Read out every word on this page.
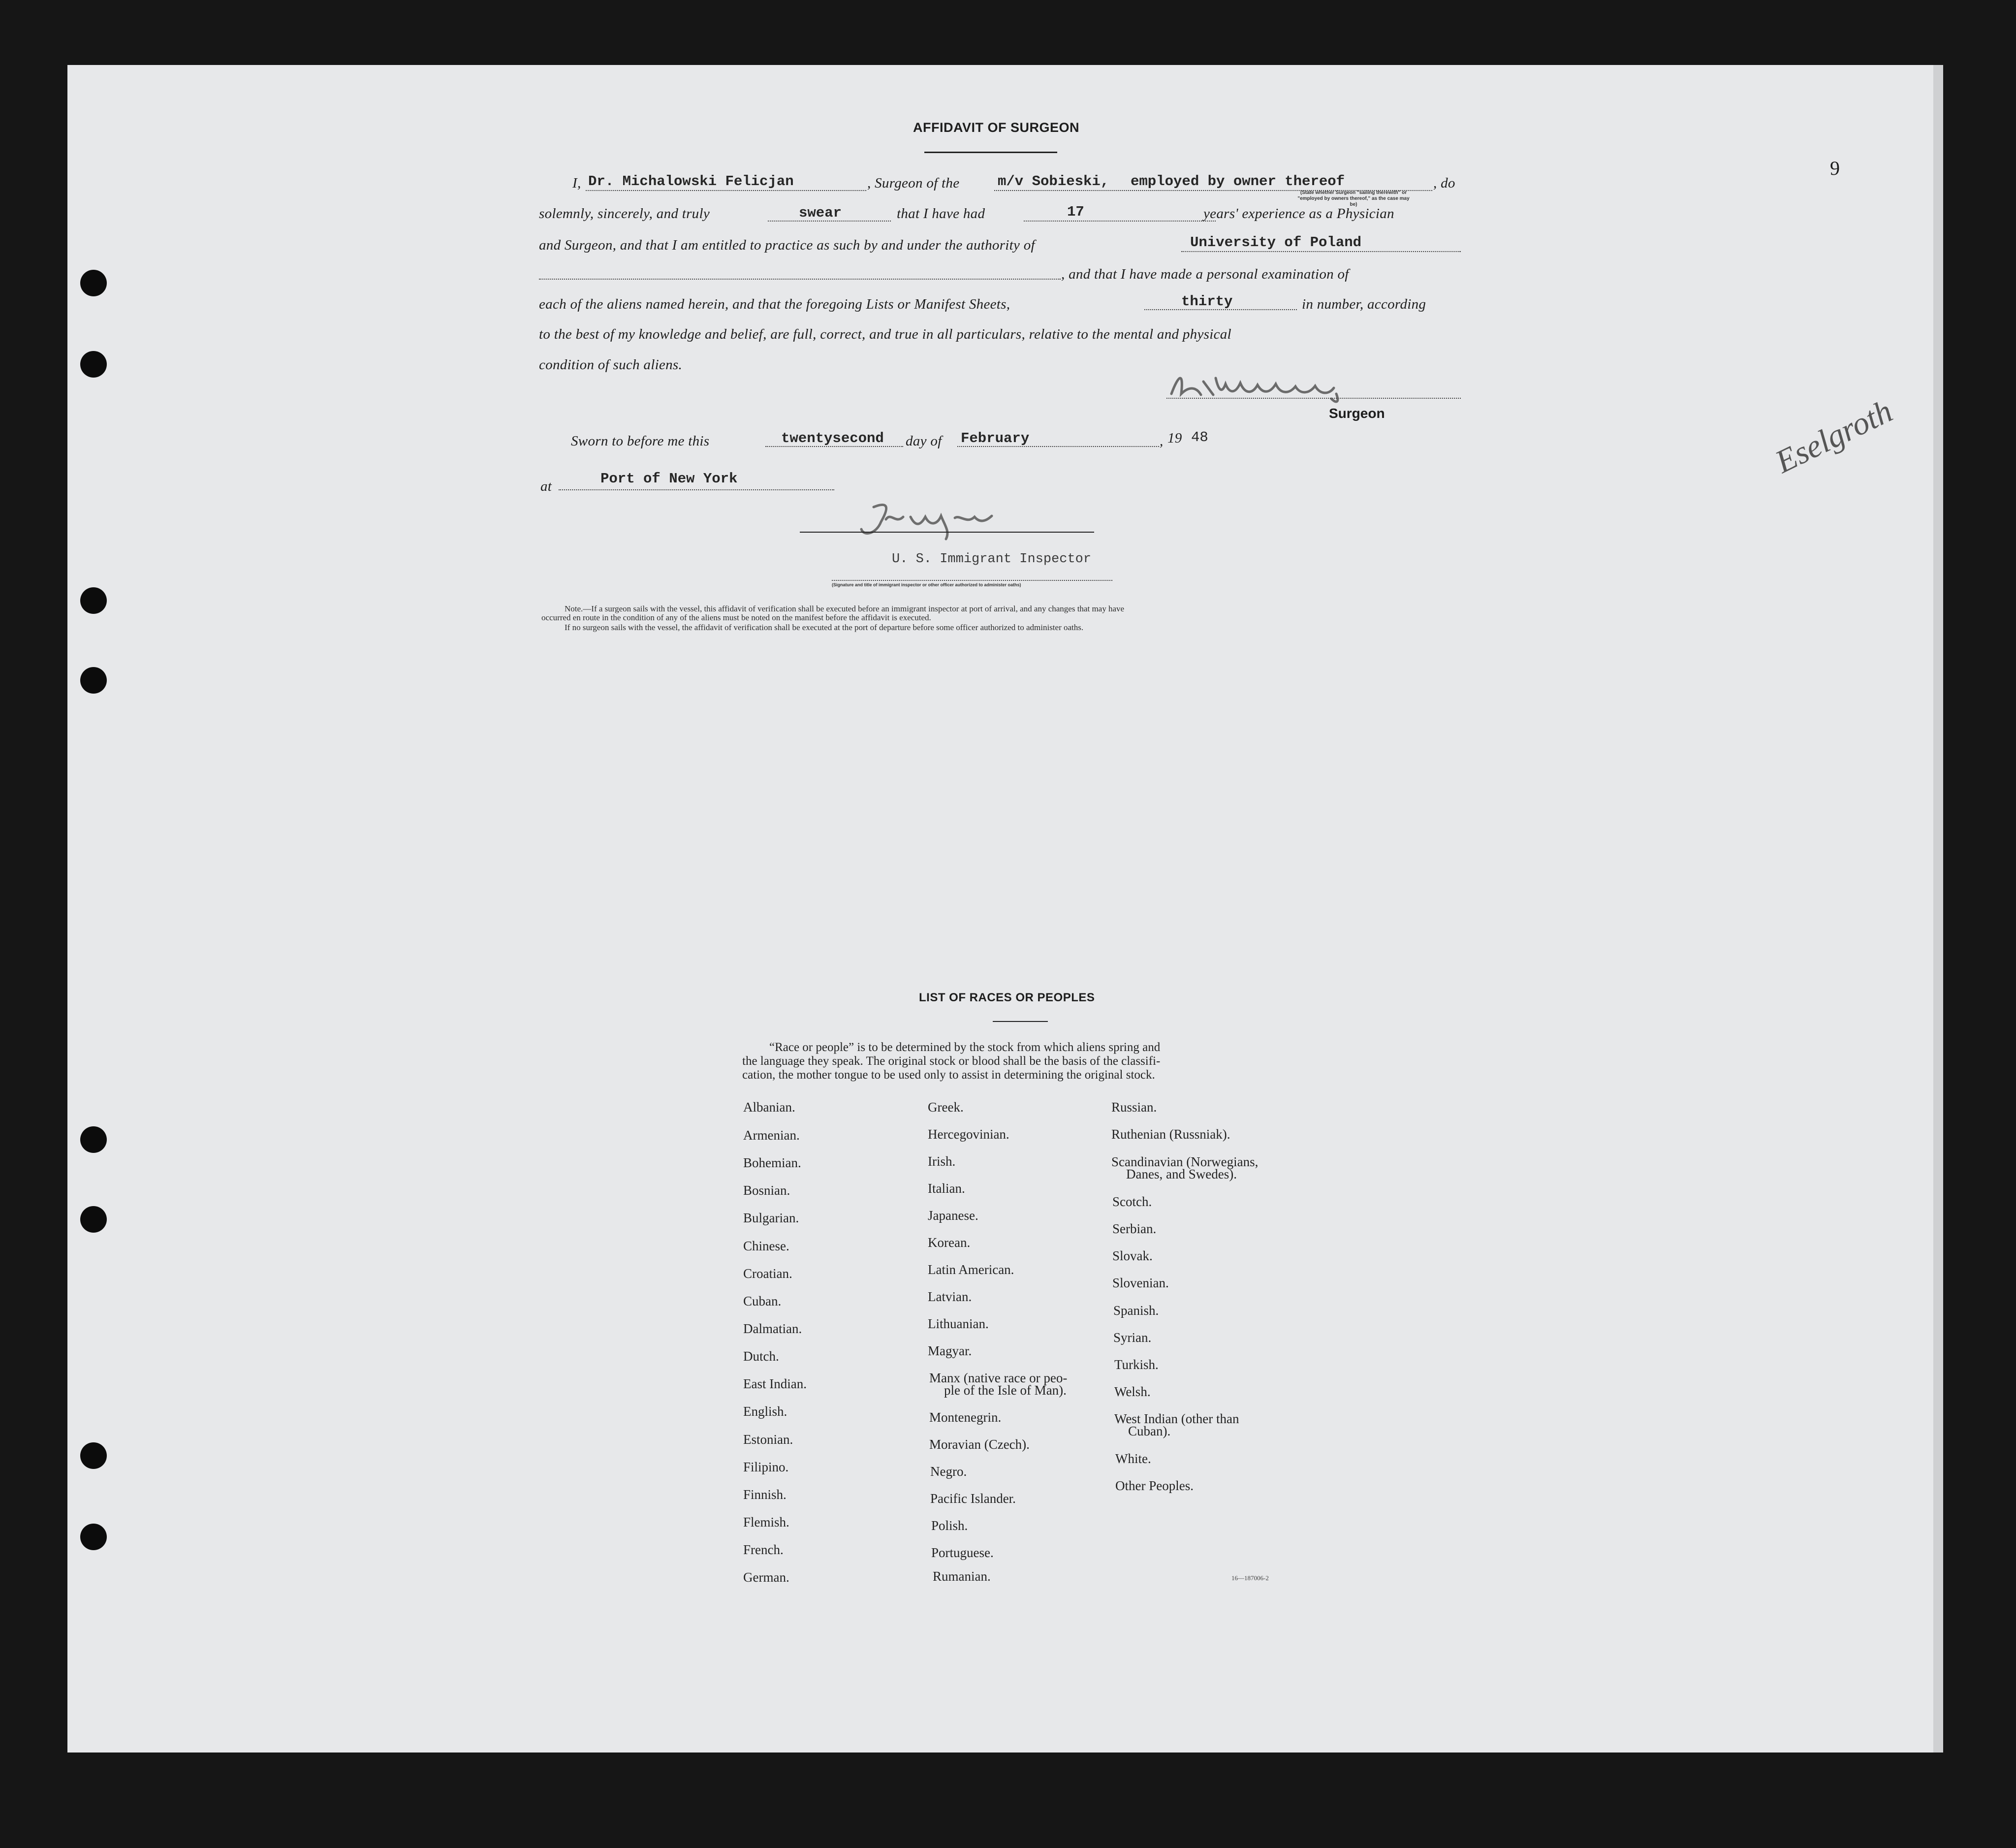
9
Eselgroth
AFFIDAVIT OF SURGEON
I, Dr. Michalowski Felicjan	, Surgeon of the	m/v Sobieski, employed by owner thereof	, do
(State whether Surgeon "sailing therewith" or "employed by owners thereof," as the case may be)
solemnly, sincerely, and truly	swear	that I have had	17	years' experience as a Physician
and Surgeon, and that I am entitled to practice as such by and under the authority of	University of Poland
, and that I have made a personal examination of
each of the aliens named herein, and that the foregoing Lists or Manifest Sheets,	thirty	in number, according
to the best of my knowledge and belief, are full, correct, and true in all particulars, relative to the mental and physical
condition of such aliens.
Surgeon
Sworn to before me this	twentysecond day of February	, 19 48
at	Port of New York
U. S. Immigrant Inspector
(Signature and title of immigrant inspector or other officer authorized to administer oaths)
Note.—If a surgeon sails with the vessel, this affidavit of verification shall be executed before an immigrant inspector at port of arrival, and any changes that may have
occurred en route in the condition of any of the aliens must be noted on the manifest before the affidavit is executed.
If no surgeon sails with the vessel, the affidavit of verification shall be executed at the port of departure before some officer authorized to administer oaths.
LIST OF RACES OR PEOPLES
“Race or people” is to be determined by the stock from which aliens spring and
the language they speak. The original stock or blood shall be the basis of the classifi-
cation, the mother tongue to be used only to assist in determining the original stock.
Albanian.
Armenian.
Bohemian.
Bosnian.
Bulgarian.
Chinese.
Croatian.
Cuban.
Dalmatian.
Dutch.
East Indian.
English.
Estonian.
Filipino.
Finnish.
Flemish.
French.
German.
Greek.
Hercegovinian.
Irish.
Italian.
Japanese.
Korean.
Latin American.
Latvian.
Lithuanian.
Magyar.
Manx (native race or peo-
ple of the Isle of Man).
Montenegrin.
Moravian (Czech).
Negro.
Pacific Islander.
Polish.
Portuguese.
Rumanian.
Russian.
Ruthenian (Russniak).
Scandinavian (Norwegians,
Danes, and Swedes).
Scotch.
Serbian.
Slovak.
Slovenian.
Spanish.
Syrian.
Turkish.
Welsh.
West Indian (other than
Cuban).
White.
Other Peoples.
16—187006-2
